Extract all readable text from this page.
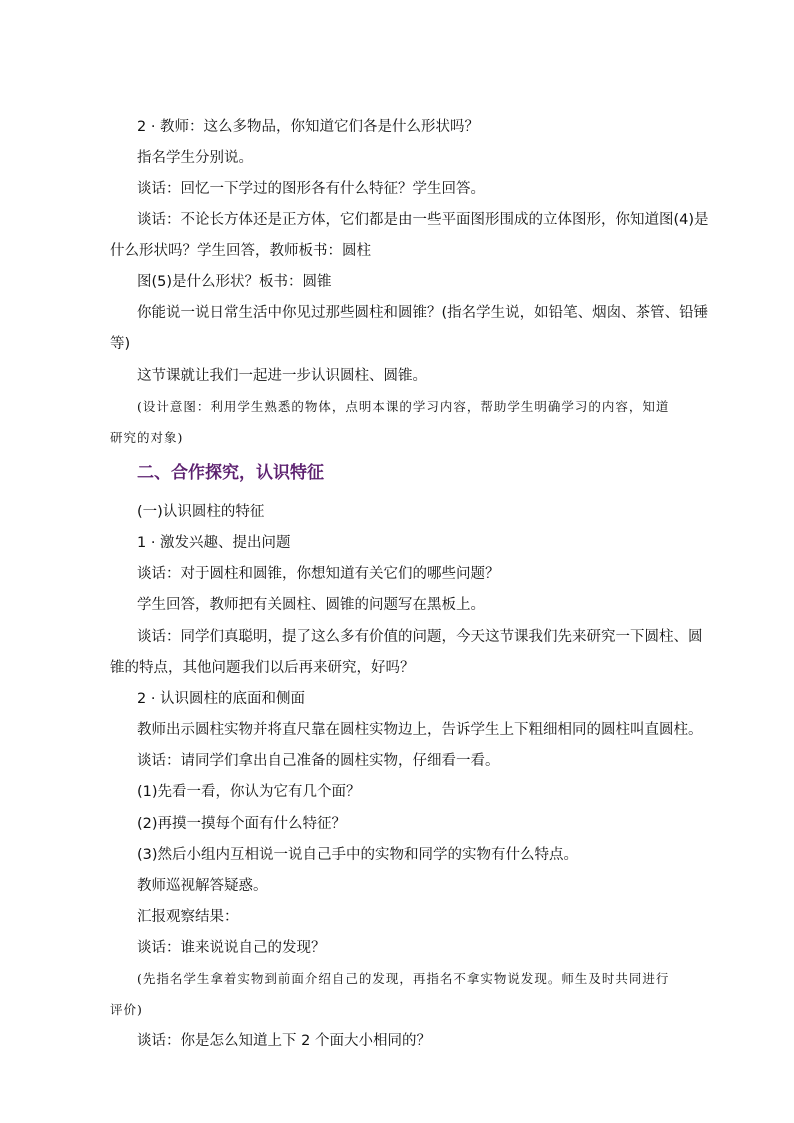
2 · 教师：这么多物品，你知道它们各是什么形状吗？
指名学生分别说。
谈话：回忆一下学过的图形各有什么特征？学生回答。
谈话：不论长方体还是正方体，它们都是由一些平面图形围成的立体图形，你知道图(4)是
什么形状吗？学生回答，教师板书：圆柱
图(5)是什么形状？板书：圆锥
你能说一说日常生活中你见过那些圆柱和圆锥？(指名学生说，如铅笔、烟囱、茶管、铅锤
等)
这节课就让我们一起进一步认识圆柱、圆锥。
(设计意图：利用学生熟悉的物体，点明本课的学习内容，帮助学生明确学习的内容，知道
研究的对象)
二、合作探究，认识特征
(一)认识圆柱的特征
1 · 激发兴趣、提出问题
谈话：对于圆柱和圆锥，你想知道有关它们的哪些问题？
学生回答，教师把有关圆柱、圆锥的问题写在黑板上。
谈话：同学们真聪明，提了这么多有价值的问题，今天这节课我们先来研究一下圆柱、圆
锥的特点，其他问题我们以后再来研究，好吗？
2 · 认识圆柱的底面和侧面
教师出示圆柱实物并将直尺靠在圆柱实物边上，告诉学生上下粗细相同的圆柱叫直圆柱。
谈话：请同学们拿出自己准备的圆柱实物，仔细看一看。
(1)先看一看，你认为它有几个面？
(2)再摸一摸每个面有什么特征？
(3)然后小组内互相说一说自己手中的实物和同学的实物有什么特点。
教师巡视解答疑惑。
汇报观察结果：
谈话：谁来说说自己的发现？
(先指名学生拿着实物到前面介绍自己的发现，再指名不拿实物说发现。师生及时共同进行
评价)
谈话：你是怎么知道上下 2 个面大小相同的？
